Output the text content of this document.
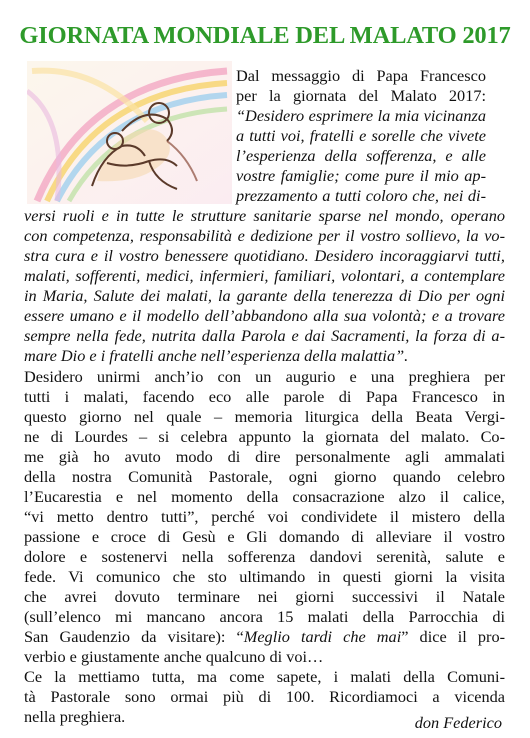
GIORNATA MONDIALE DEL MALATO 2017
Dal messaggio di Papa Francesco
per la giornata del Malato 2017:
“Desidero esprimere la mia vicinanza
a tutti voi, fratelli e sorelle che vivete
l’esperienza della sofferenza, e alle
vostre famiglie; come pure il mio ap-
prezzamento a tutti coloro che, nei di-
versi ruoli e in tutte le strutture sanitarie sparse nel mondo, operano
con competenza, responsabilità e dedizione per il vostro sollievo, la vo-
stra cura e il vostro benessere quotidiano. Desidero incoraggiarvi tutti,
malati, sofferenti, medici, infermieri, familiari, volontari, a contemplare
in Maria, Salute dei malati, la garante della tenerezza di Dio per ogni
essere umano e il modello dell’abbandono alla sua volontà; e a trovare
sempre nella fede, nutrita dalla Parola e dai Sacramenti, la forza di a-
mare Dio e i fratelli anche nell’esperienza della malattia”.
Desidero unirmi anch’io con un augurio e una preghiera per
tutti i malati, facendo eco alle parole di Papa Francesco in
questo giorno nel quale – memoria liturgica della Beata Vergi-
ne di Lourdes – si celebra appunto la giornata del malato. Co-
me già ho avuto modo di dire personalmente agli ammalati
della nostra Comunità Pastorale, ogni giorno quando celebro
l’Eucarestia e nel momento della consacrazione alzo il calice,
“vi metto dentro tutti”, perché voi condividete il mistero della
passione e croce di Gesù e Gli domando di alleviare il vostro
dolore e sostenervi nella sofferenza dandovi serenità, salute e
fede. Vi comunico che sto ultimando in questi giorni la visita
che avrei dovuto terminare nei giorni successivi il Natale
(sull’elenco mi mancano ancora 15 malati della Parrocchia di
San Gaudenzio da visitare): “Meglio tardi che mai” dice il pro-
verbio e giustamente anche qualcuno di voi…
Ce la mettiamo tutta, ma come sapete, i malati della Comuni-
tà Pastorale sono ormai più di 100. Ricordiamoci a vicenda
nella preghiera.	don Federico
